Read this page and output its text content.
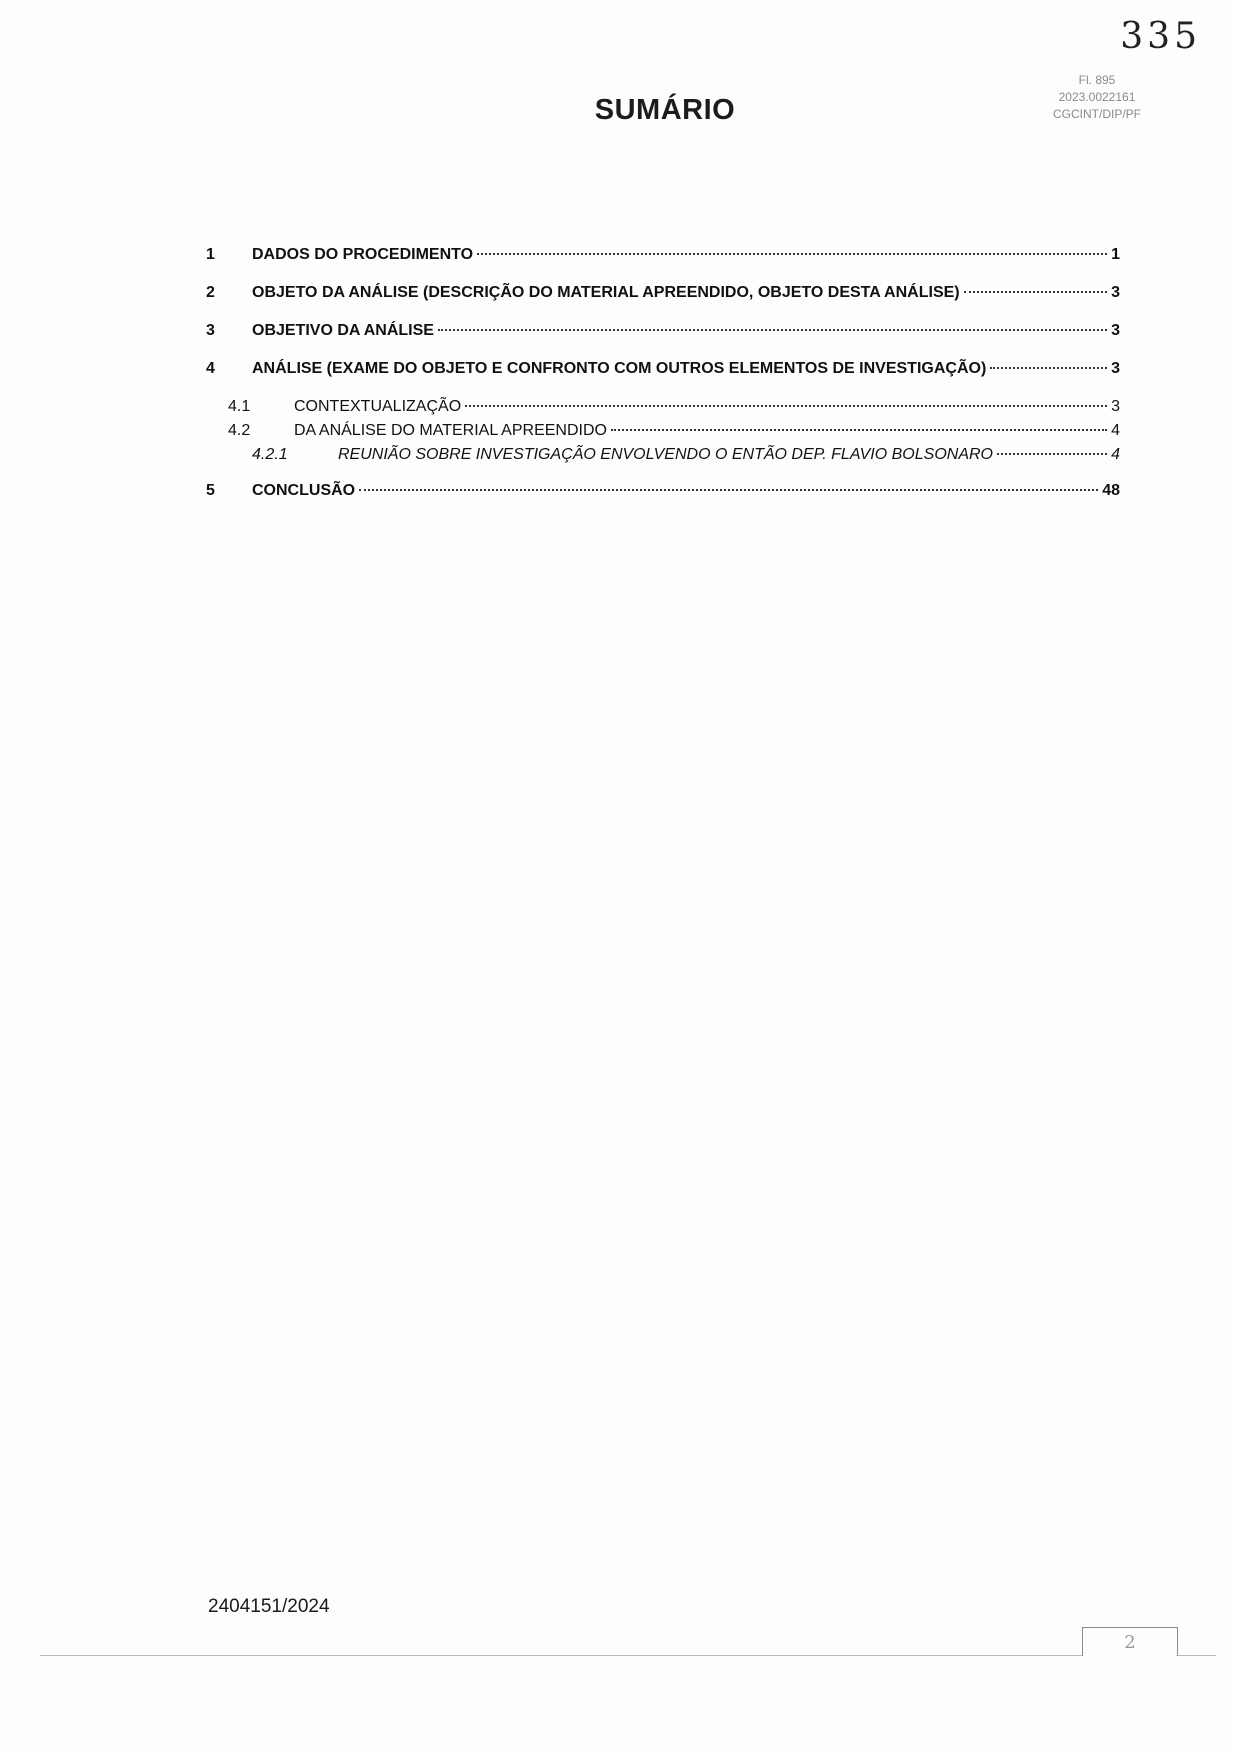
335
Fl. 895
2023.0022161
CGCINT/DIP/PF
SUMÁRIO
1	DADOS DO PROCEDIMENTO	1
2	OBJETO DA ANÁLISE (DESCRIÇÃO DO MATERIAL APREENDIDO, OBJETO DESTA ANÁLISE)	3
3	OBJETIVO DA ANÁLISE	3
4	ANÁLISE (EXAME DO OBJETO E CONFRONTO COM OUTROS ELEMENTOS DE INVESTIGAÇÃO)	3
4.1	CONTEXTUALIZAÇÃO	3
4.2	DA ANÁLISE DO MATERIAL APREENDIDO	4
4.2.1	REUNIÃO SOBRE INVESTIGAÇÃO ENVOLVENDO O ENTÃO DEP. FLAVIO BOLSONARO	4
5	CONCLUSÃO	48
2404151/2024
2
